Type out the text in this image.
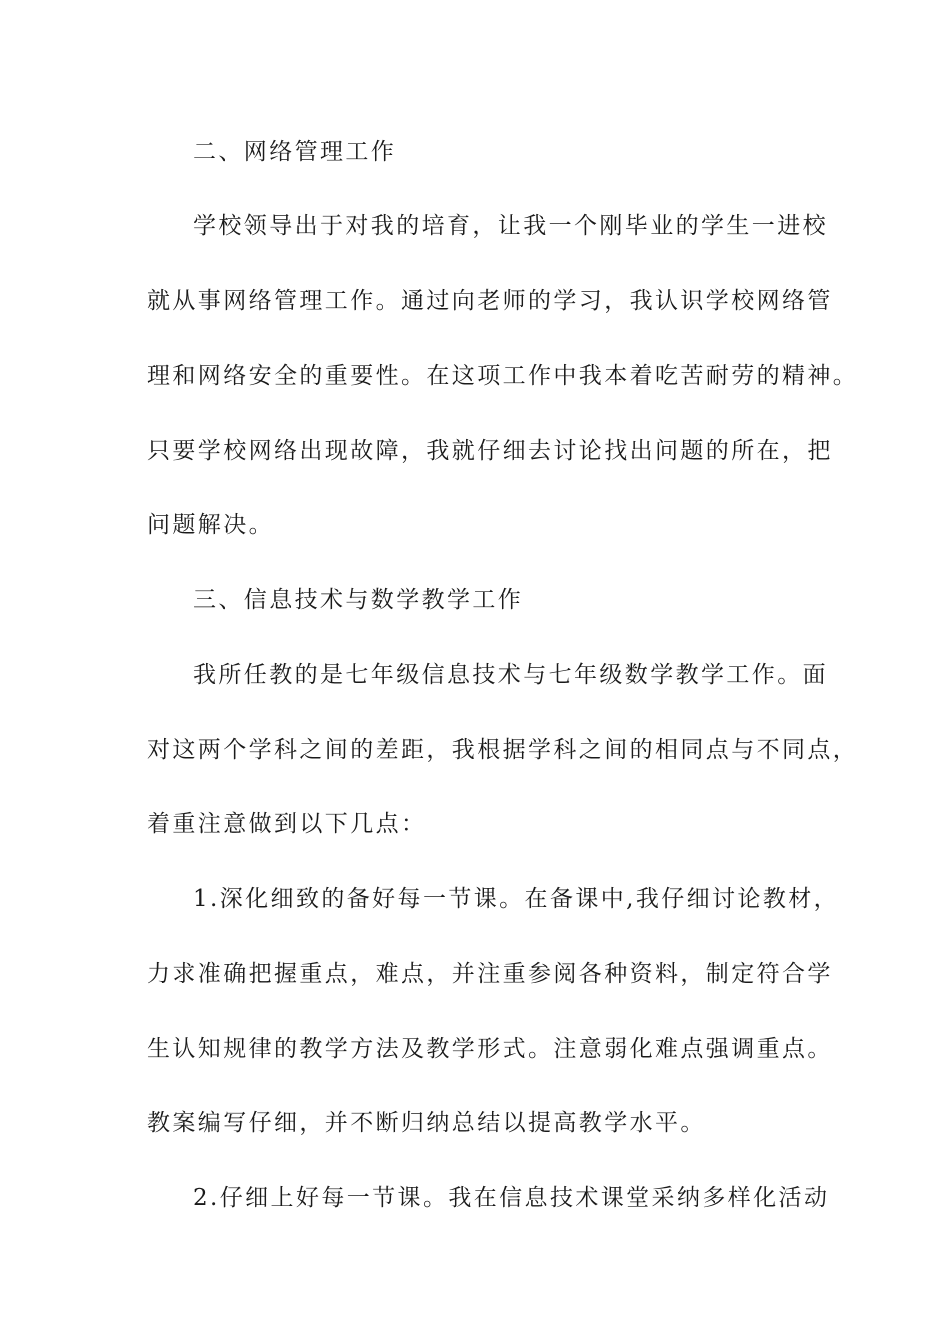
二、网络管理工作
学校领导出于对我的培育，让我一个刚毕业的学生一进校
就从事网络管理工作。通过向老师的学习，我认识学校网络管
理和网络安全的重要性。在这项工作中我本着吃苦耐劳的精神。
只要学校网络出现故障，我就仔细去讨论找出问题的所在，把
问题解决。
三、信息技术与数学教学工作
我所任教的是七年级信息技术与七年级数学教学工作。面
对这两个学科之间的差距，我根据学科之间的相同点与不同点，
着重注意做到以下几点：
1.深化细致的备好每一节课。在备课中,我仔细讨论教材，
力求准确把握重点，难点，并注重参阅各种资料，制定符合学
生认知规律的教学方法及教学形式。注意弱化难点强调重点。
教案编写仔细，并不断归纳总结以提高教学水平。
2.仔细上好每一节课。我在信息技术课堂采纳多样化活动
